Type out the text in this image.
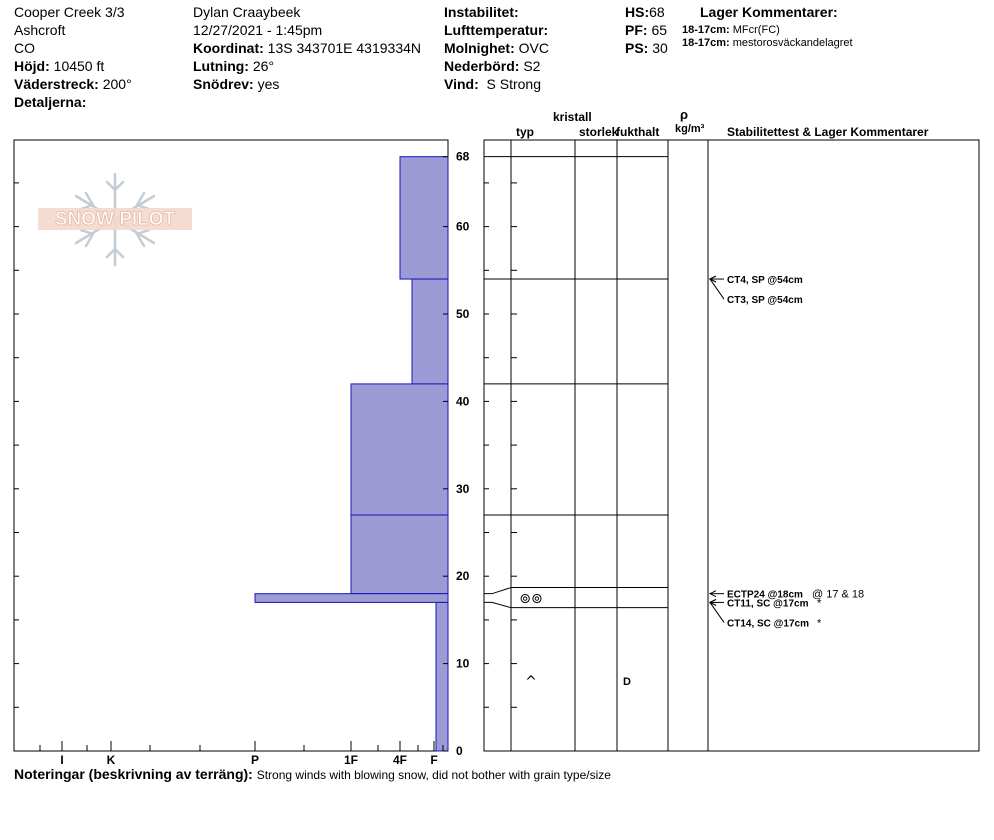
Cooper Creek 3/3
Ashcroft
CO
Höjd: 10450 ft
Väderstreck: 200°
Detaljerna:
Dylan Craaybeek
12/27/2021 - 1:45pm
Koordinat: 13S 343701E 4319334N
Lutning: 26°
Snödrev: yes
Instabilitet:
Lufttemperatur:
Molnighet: OVC
Nederbörd: S2
Vind: S Strong
HS:68
PF: 65
PS: 30
Lager Kommentarer:
18-17cm: MFcr(FC)
18-17cm: mestorosväckandelagret
kristall
typ	storlek
fukthalt
ρ
kg/m³ Stabilitettest & Lager Kommentarer
SNOW PILOT
I	K	P	1F	4F F
0
10
20
30
40
50
60
68
⊚⊚
^	D
CT4, SP @54cm
CT3, SP @54cm
ECTP24 @18cm @ 17 & 18
CT11, SC @17cm *
CT14, SC @17cm *
Noteringar (beskrivning av terräng): Strong winds with blowing snow, did not bother with grain type/size
